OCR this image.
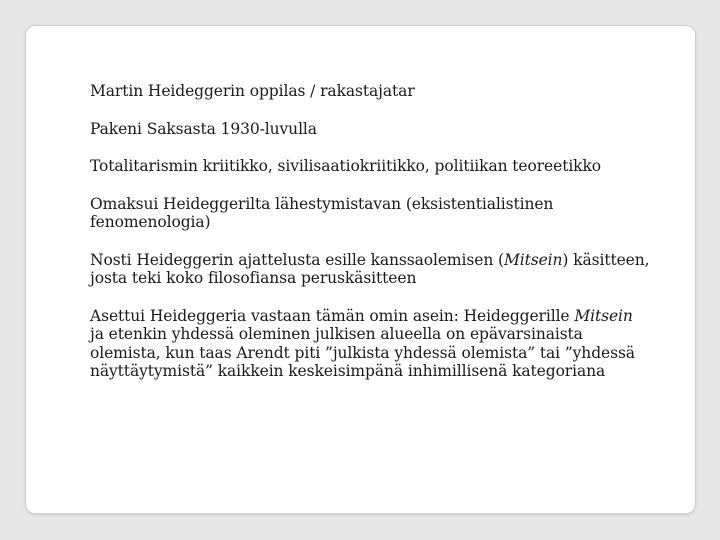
Martin Heideggerin oppilas / rakastajatar

Pakeni Saksasta 1930-luvulla

Totalitarismin kriitikko, sivilisaatiokriitikko, politiikan teoreetikko

Omaksui Heideggerilta lähestymistavan (eksistentialistinen fenomenologia)

Nosti Heideggerin ajattelusta esille kanssaolemisen (Mitsein) käsitteen, josta teki koko filosofiansa peruskäsitteen

Asettui Heideggeria vastaan tämän omin asein: Heideggerille Mitsein ja etenkin yhdessä oleminen julkisen alueella on epävarsinaista olemista, kun taas Arendt piti ”julkista yhdessä olemista” tai ”yhdessä näyttäytymistä” kaikkein keskeisimpänä inhimillisenä kategoriana
